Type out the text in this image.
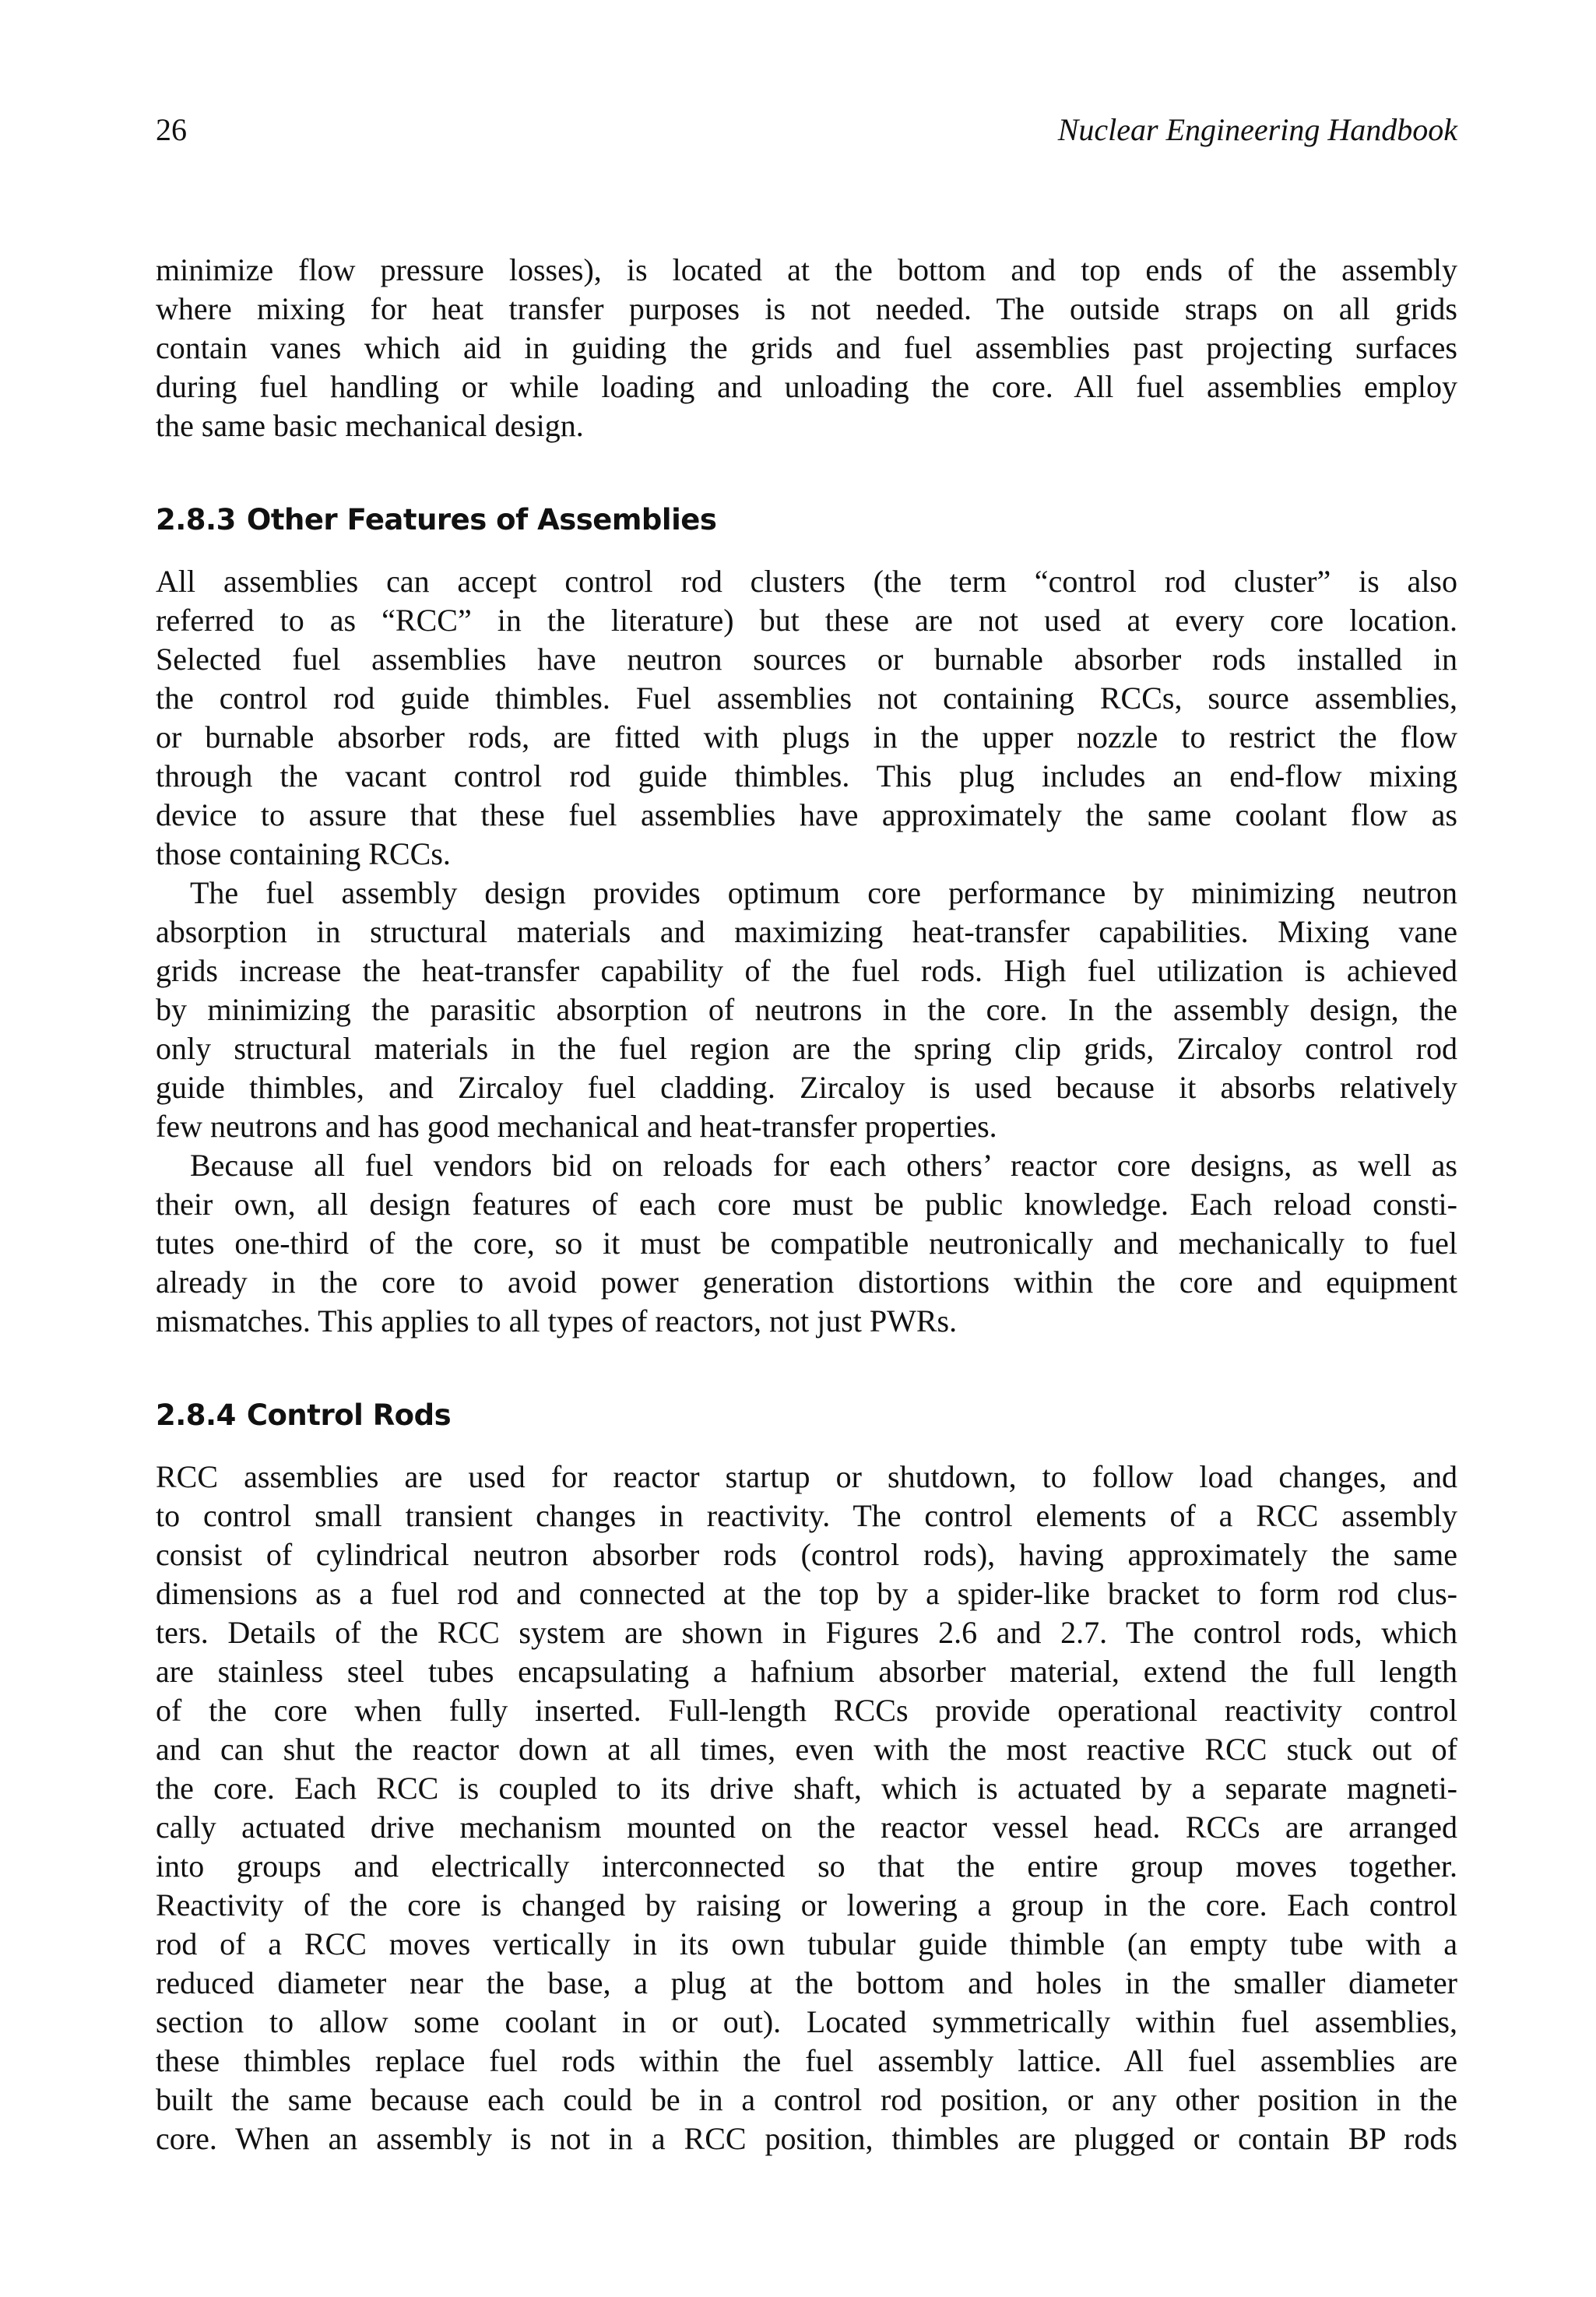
26	Nuclear Engineering Handbook

minimize flow pressure losses), is located at the bottom and top ends of the assembly
where mixing for heat transfer purposes is not needed. The outside straps on all grids
contain vanes which aid in guiding the grids and fuel assemblies past projecting surfaces
during fuel handling or while loading and unloading the core. All fuel assemblies employ
the same basic mechanical design.

2.8.3 Other Features of Assemblies

All assemblies can accept control rod clusters (the term “control rod cluster” is also
referred to as “RCC” in the literature) but these are not used at every core location.
Selected fuel assemblies have neutron sources or burnable absorber rods installed in
the control rod guide thimbles. Fuel assemblies not containing RCCs, source assemblies,
or burnable absorber rods, are fitted with plugs in the upper nozzle to restrict the flow
through the vacant control rod guide thimbles. This plug includes an end-flow mixing
device to assure that these fuel assemblies have approximately the same coolant flow as
those containing RCCs.

The fuel assembly design provides optimum core performance by minimizing neutron
absorption in structural materials and maximizing heat-transfer capabilities. Mixing vane
grids increase the heat-transfer capability of the fuel rods. High fuel utilization is achieved
by minimizing the parasitic absorption of neutrons in the core. In the assembly design, the
only structural materials in the fuel region are the spring clip grids, Zircaloy control rod
guide thimbles, and Zircaloy fuel cladding. Zircaloy is used because it absorbs relatively
few neutrons and has good mechanical and heat-transfer properties.

Because all fuel vendors bid on reloads for each others’ reactor core designs, as well as
their own, all design features of each core must be public knowledge. Each reload consti-
tutes one-third of the core, so it must be compatible neutronically and mechanically to fuel
already in the core to avoid power generation distortions within the core and equipment
mismatches. This applies to all types of reactors, not just PWRs.

2.8.4 Control Rods

RCC assemblies are used for reactor startup or shutdown, to follow load changes, and
to control small transient changes in reactivity. The control elements of a RCC assembly
consist of cylindrical neutron absorber rods (control rods), having approximately the same
dimensions as a fuel rod and connected at the top by a spider-like bracket to form rod clus-
ters. Details of the RCC system are shown in Figures 2.6 and 2.7. The control rods, which
are stainless steel tubes encapsulating a hafnium absorber material, extend the full length
of the core when fully inserted. Full-length RCCs provide operational reactivity control
and can shut the reactor down at all times, even with the most reactive RCC stuck out of
the core. Each RCC is coupled to its drive shaft, which is actuated by a separate magneti-
cally actuated drive mechanism mounted on the reactor vessel head. RCCs are arranged
into groups and electrically interconnected so that the entire group moves together.
Reactivity of the core is changed by raising or lowering a group in the core. Each control
rod of a RCC moves vertically in its own tubular guide thimble (an empty tube with a
reduced diameter near the base, a plug at the bottom and holes in the smaller diameter
section to allow some coolant in or out). Located symmetrically within fuel assemblies,
these thimbles replace fuel rods within the fuel assembly lattice. All fuel assemblies are
built the same because each could be in a control rod position, or any other position in the
core. When an assembly is not in a RCC position, thimbles are plugged or contain BP rods
